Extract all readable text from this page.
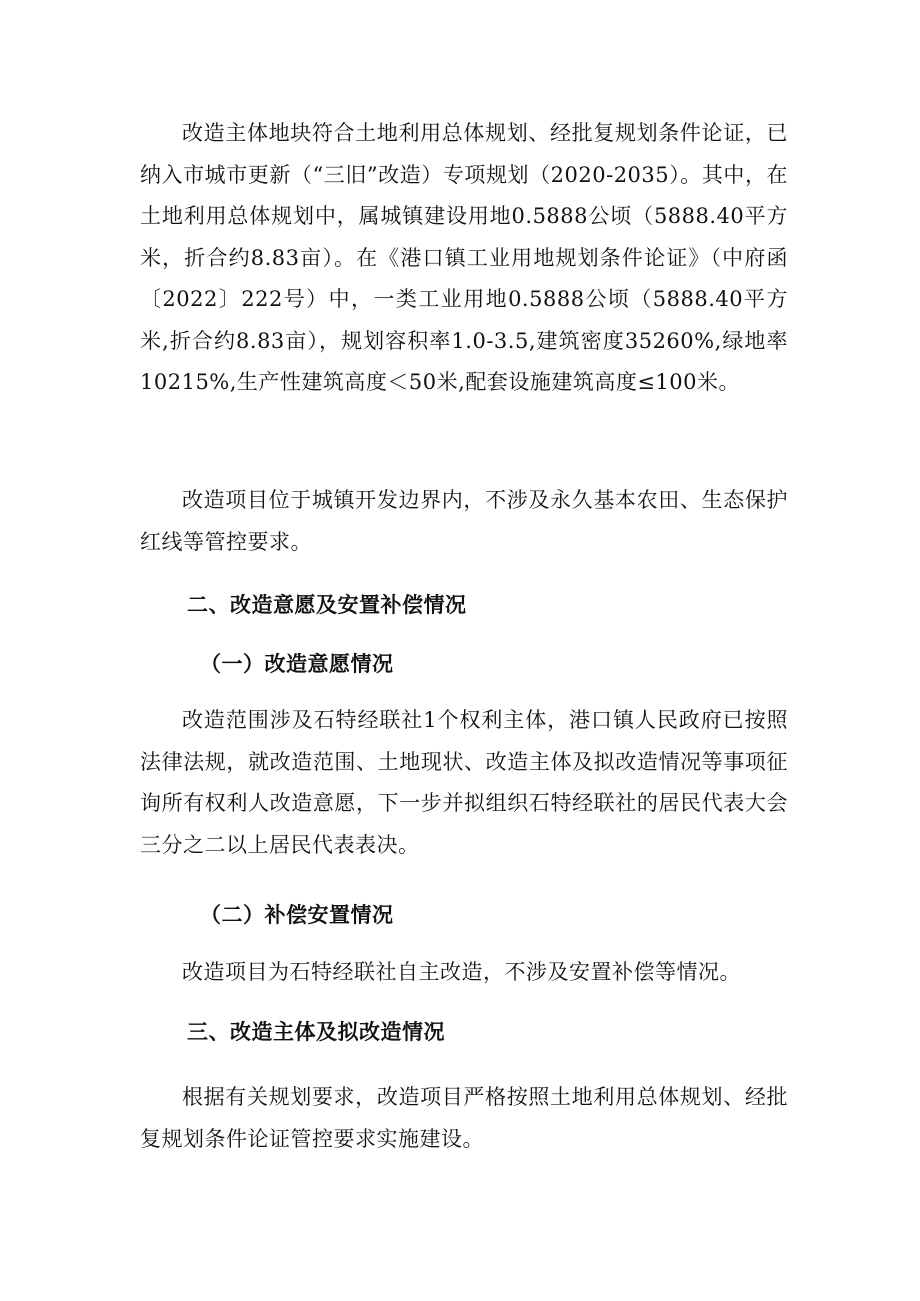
改造主体地块符合土地利用总体规划、经批复规划条件论证，已纳入市城市更新（“三旧”改造）专项规划（2020-2035）。其中，在土地利用总体规划中，属城镇建设用地0.5888公顷（5888.40平方米，折合约8.83亩）。在《港口镇工业用地规划条件论证》（中府函〔2022〕222号）中，一类工业用地0.5888公顷（5888.40平方米,折合约8.83亩），规划容积率1.0-3.5,建筑密度35260%,绿地率10215%,生产性建筑高度＜50米,配套设施建筑高度≤100米。

改造项目位于城镇开发边界内，不涉及永久基本农田、生态保护红线等管控要求。

二、改造意愿及安置补偿情况
（一）改造意愿情况

改造范围涉及石特经联社1个权利主体，港口镇人民政府已按照法律法规，就改造范围、土地现状、改造主体及拟改造情况等事项征询所有权利人改造意愿，下一步并拟组织石特经联社的居民代表大会三分之二以上居民代表表决。

（二）补偿安置情况

改造项目为石特经联社自主改造，不涉及安置补偿等情况。

三、改造主体及拟改造情况

根据有关规划要求，改造项目严格按照土地利用总体规划、经批复规划条件论证管控要求实施建设。
